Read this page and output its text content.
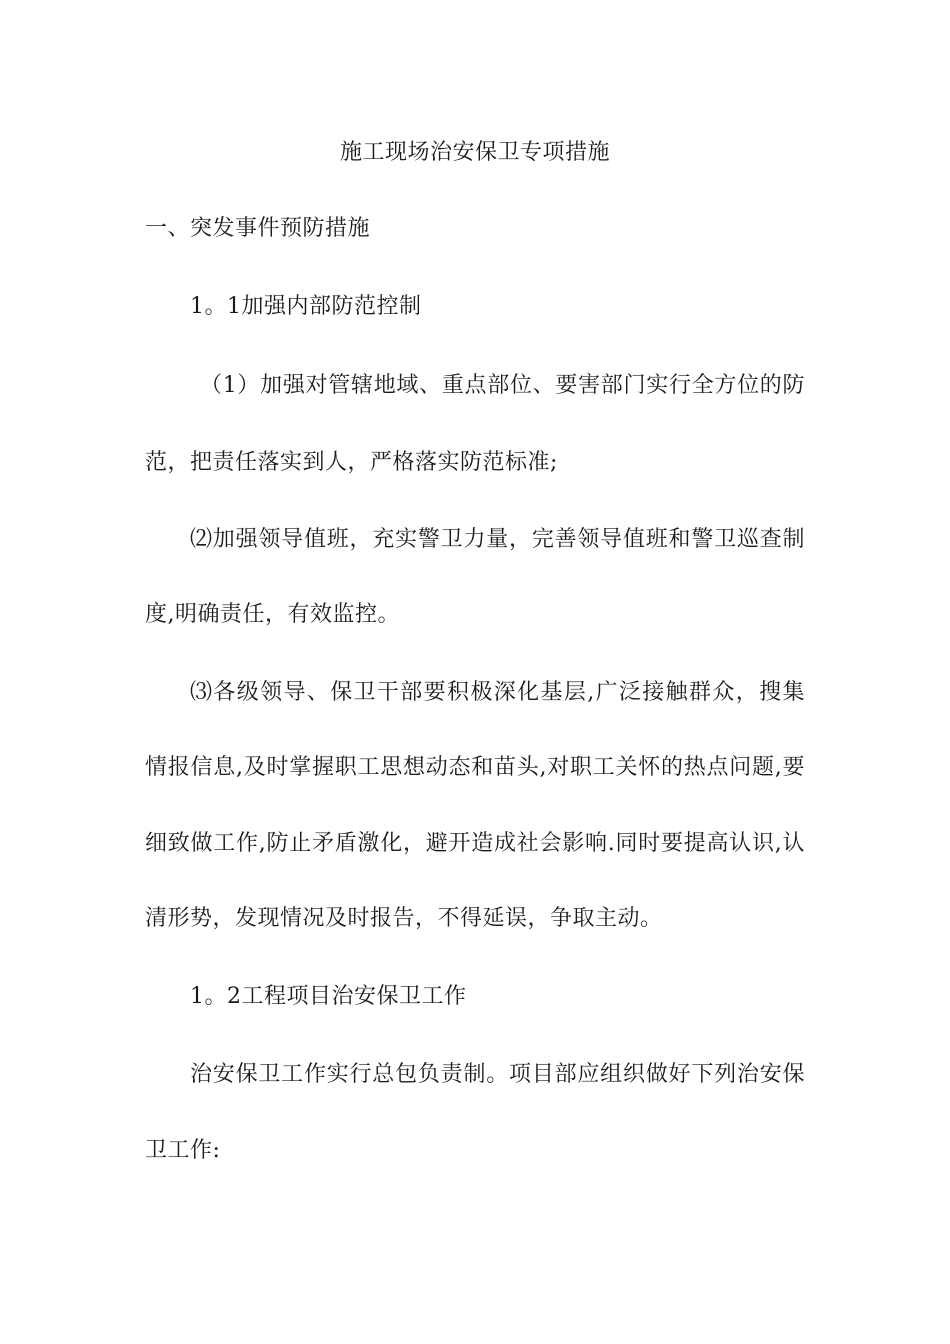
施工现场治安保卫专项措施
一、突发事件预防措施
1。1加强内部防范控制
（1）加强对管辖地域、重点部位、要害部门实行全方位的防
范，把责任落实到人，严格落实防范标准;
⑵加强领导值班，充实警卫力量，完善领导值班和警卫巡查制
度,明确责任，有效监控。
⑶各级领导、保卫干部要积极深化基层,广泛接触群众，搜集
情报信息,及时掌握职工思想动态和苗头,对职工关怀的热点问题,要
细致做工作,防止矛盾激化，避开造成社会影响.同时要提高认识,认
清形势，发现情况及时报告，不得延误，争取主动。
1。2工程项目治安保卫工作
治安保卫工作实行总包负责制。项目部应组织做好下列治安保
卫工作:
